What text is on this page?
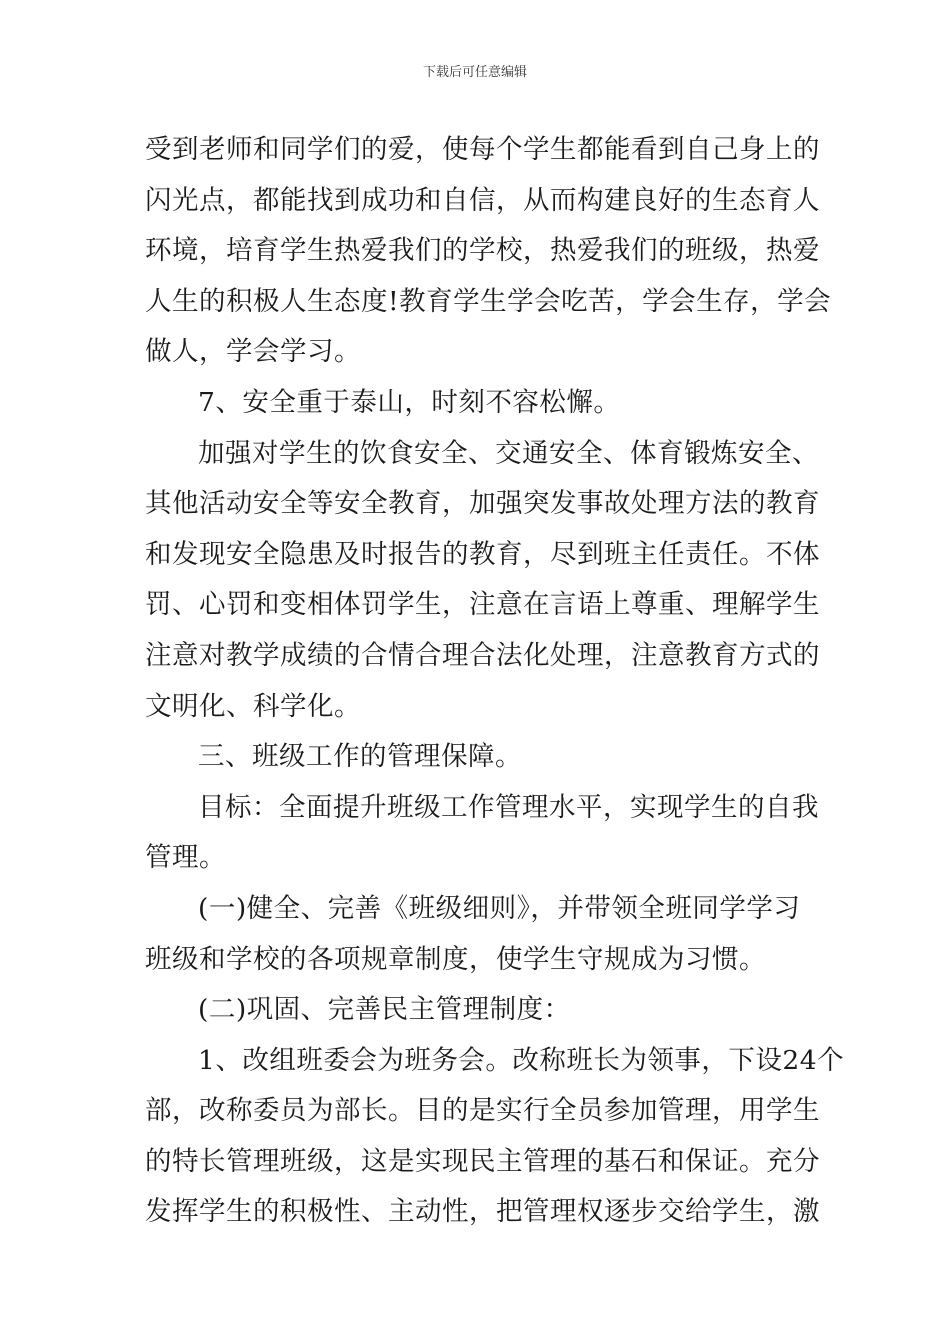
下载后可任意编辑
受到老师和同学们的爱，使每个学生都能看到自己身上的
闪光点，都能找到成功和自信，从而构建良好的生态育人
环境，培育学生热爱我们的学校，热爱我们的班级，热爱
人生的积极人生态度!教育学生学会吃苦，学会生存，学会
做人，学会学习。
7、安全重于泰山，时刻不容松懈。
加强对学生的饮食安全、交通安全、体育锻炼安全、
其他活动安全等安全教育，加强突发事故处理方法的教育
和发现安全隐患及时报告的教育，尽到班主任责任。不体
罚、心罚和变相体罚学生，注意在言语上尊重、理解学生
注意对教学成绩的合情合理合法化处理，注意教育方式的
文明化、科学化。
三、班级工作的管理保障。
目标：全面提升班级工作管理水平，实现学生的自我
管理。
(一)健全、完善《班级细则》，并带领全班同学学习
班级和学校的各项规章制度，使学生守规成为习惯。
(二)巩固、完善民主管理制度：
1、改组班委会为班务会。改称班长为领事，下设24个
部，改称委员为部长。目的是实行全员参加管理，用学生
的特长管理班级，这是实现民主管理的基石和保证。充分
发挥学生的积极性、主动性，把管理权逐步交给学生，激
